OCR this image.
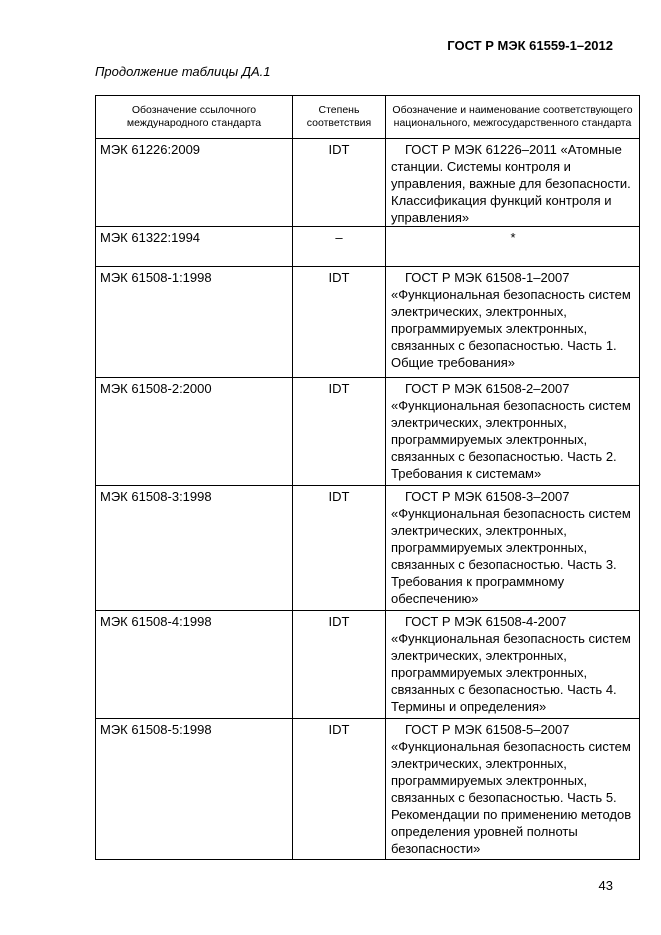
ГОСТ Р МЭК 61559-1–2012
Продолжение таблицы ДА.1
Обозначение ссылочного международного стандарта	Степень соответствия	Обозначение и наименование соответствующего национального, межгосударственного стандарта
МЭК 61226:2009	IDT	ГОСТ Р МЭК 61226–2011 «Атомные станции. Системы контроля и управления, важные для безопасности. Классификация функций контроля и управления»
МЭК 61322:1994	–	*
МЭК 61508-1:1998	IDT	ГОСТ Р МЭК 61508-1–2007 «Функциональная безопасность систем электрических, электронных, программируемых электронных, связанных с безопасностью. Часть 1. Общие требования»
МЭК 61508-2:2000	IDT	ГОСТ Р МЭК 61508-2–2007 «Функциональная безопасность систем электрических, электронных, программируемых электронных, связанных с безопасностью. Часть 2. Требования к системам»
МЭК 61508-3:1998	IDT	ГОСТ Р МЭК 61508-3–2007 «Функциональная безопасность систем электрических, электронных, программируемых электронных, связанных с безопасностью. Часть 3. Требования к программному обеспечению»
МЭК 61508-4:1998	IDT	ГОСТ Р МЭК 61508-4-2007 «Функциональная безопасность систем электрических, электронных, программируемых электронных, связанных с безопасностью. Часть 4. Термины и определения»
МЭК 61508-5:1998	IDT	ГОСТ Р МЭК 61508-5–2007 «Функциональная безопасность систем электрических, электронных, программируемых электронных, связанных с безопасностью. Часть 5. Рекомендации по применению методов определения уровней полноты безопасности»
43
